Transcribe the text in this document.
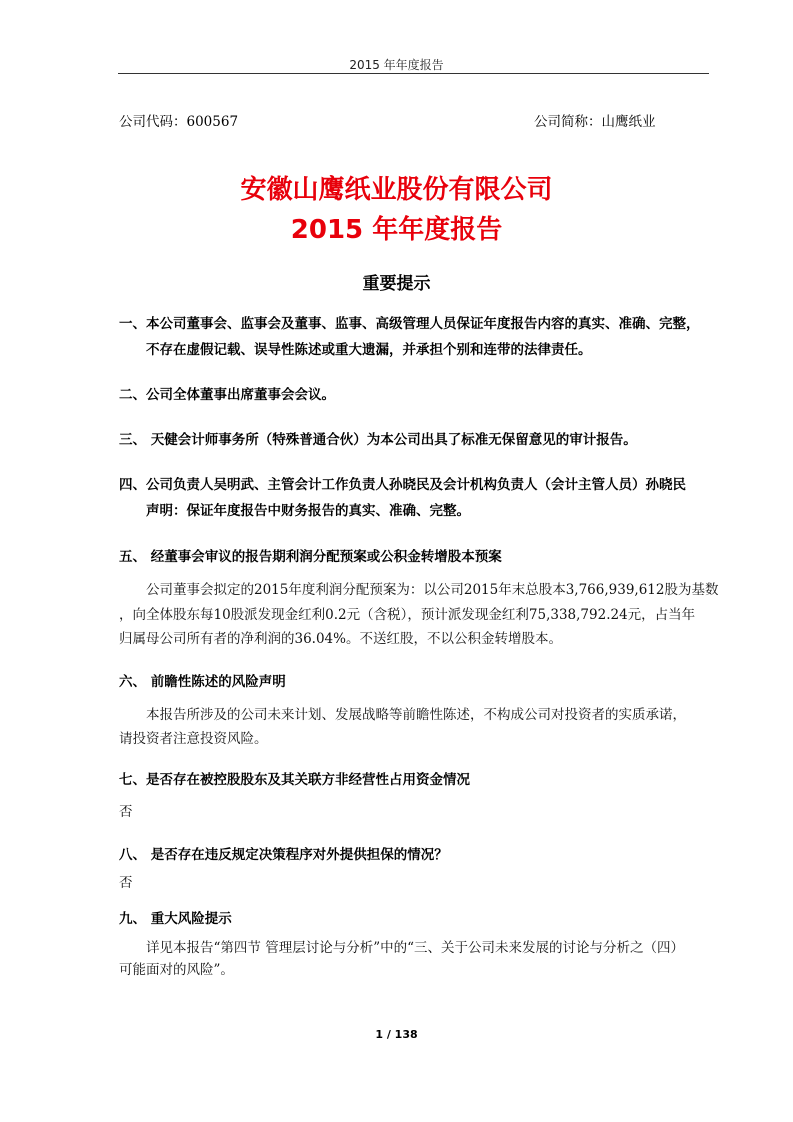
2015 年年度报告
公司代码：600567	公司简称：山鹰纸业
安徽山鹰纸业股份有限公司
2015 年年度报告
重要提示
一、本公司董事会、监事会及董事、监事、高级管理人员保证年度报告内容的真实、准确、完整，
不存在虚假记载、误导性陈述或重大遗漏，并承担个别和连带的法律责任。
二、公司全体董事出席董事会会议。
三、 天健会计师事务所（特殊普通合伙）为本公司出具了标准无保留意见的审计报告。
四、公司负责人吴明武、主管会计工作负责人孙晓民及会计机构负责人（会计主管人员）孙晓民
声明：保证年度报告中财务报告的真实、准确、完整。
五、 经董事会审议的报告期利润分配预案或公积金转增股本预案
公司董事会拟定的2015年度利润分配预案为：以公司2015年末总股本3,766,939,612股为基数
，向全体股东每10股派发现金红利0.2元（含税），预计派发现金红利75,338,792.24元，占当年
归属母公司所有者的净利润的36.04%。不送红股，不以公积金转增股本。
六、 前瞻性陈述的风险声明
本报告所涉及的公司未来计划、发展战略等前瞻性陈述，不构成公司对投资者的实质承诺，
请投资者注意投资风险。
七、是否存在被控股股东及其关联方非经营性占用资金情况
否
八、 是否存在违反规定决策程序对外提供担保的情况？
否
九、 重大风险提示
详见本报告“第四节 管理层讨论与分析”中的“三、关于公司未来发展的讨论与分析之（四）
可能面对的风险”。
1 / 138
